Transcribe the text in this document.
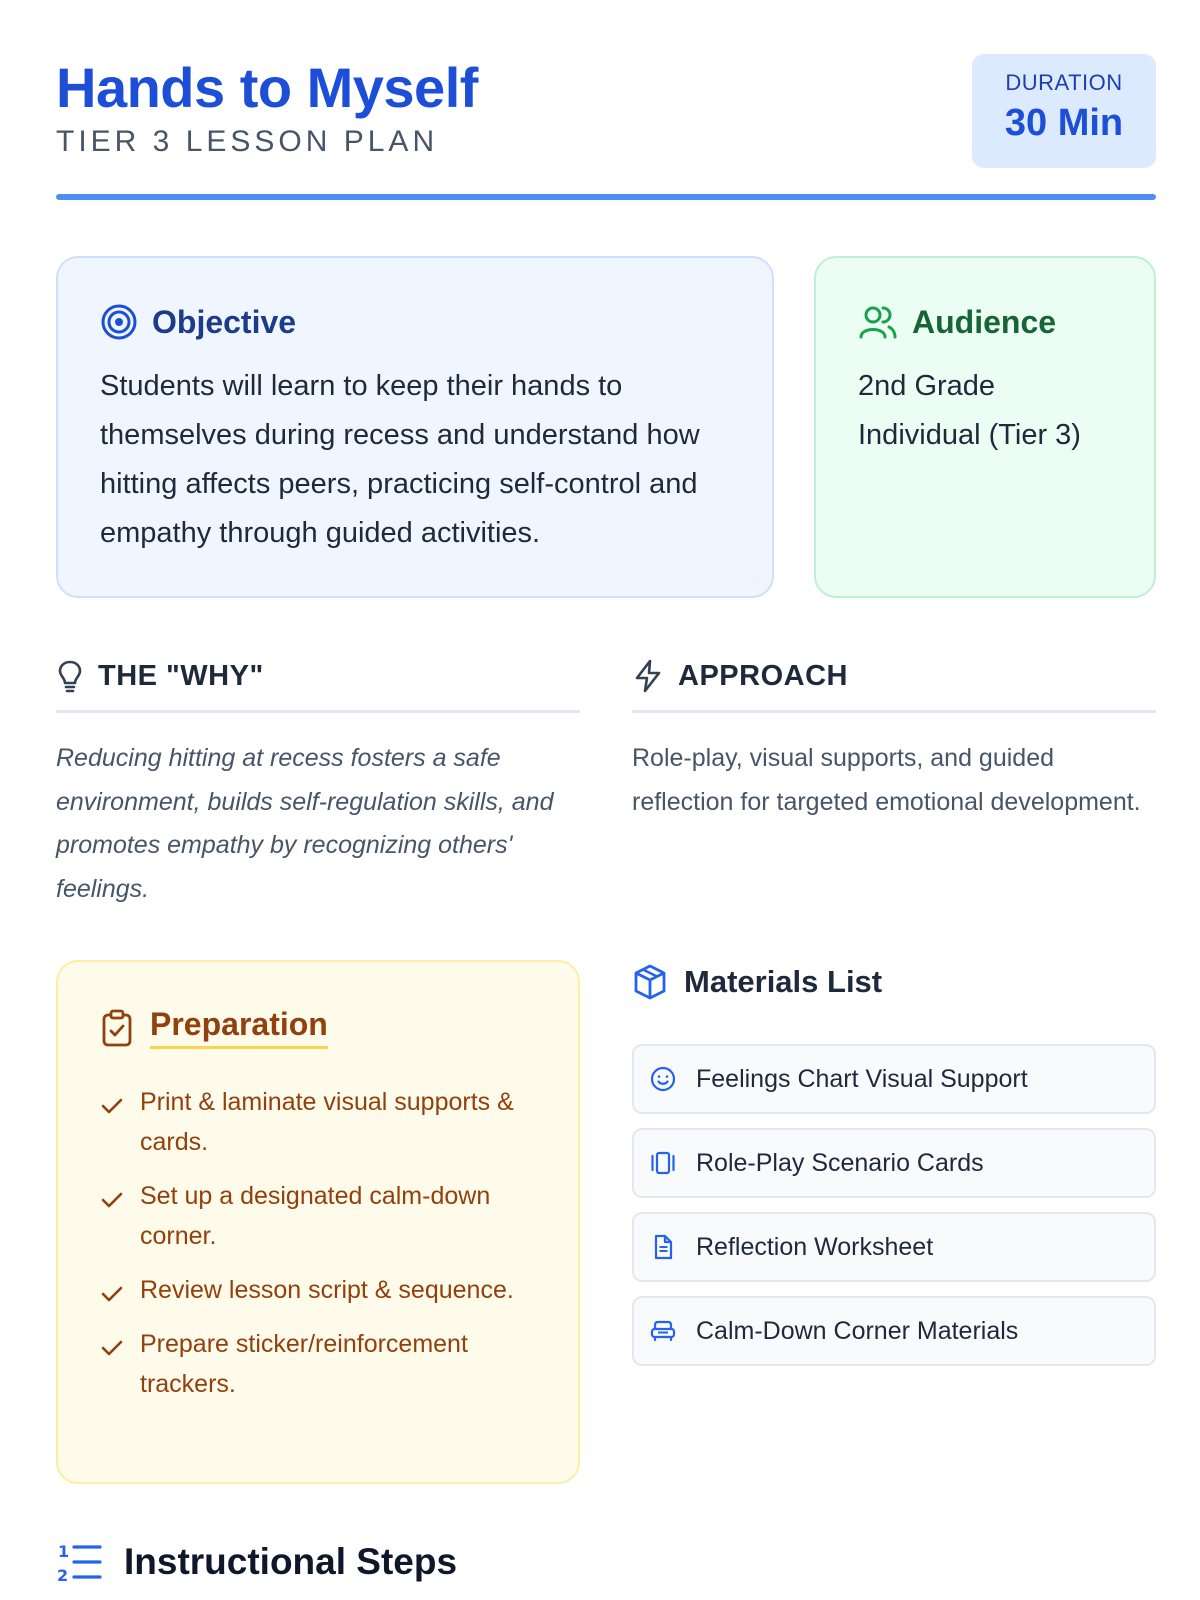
Hands to Myself
TIER 3 LESSON PLAN
DURATION
30 Min
Objective
Students will learn to keep their hands to themselves during recess and understand how hitting affects peers, practicing self-control and empathy through guided activities.
Audience
2nd Grade
Individual (Tier 3)
THE "WHY"
Reducing hitting at recess fosters a safe environment, builds self-regulation skills, and promotes empathy by recognizing others' feelings.
APPROACH
Role-play, visual supports, and guided reflection for targeted emotional development.
Preparation
Print & laminate visual supports & cards.
Set up a designated calm-down corner.
Review lesson script & sequence.
Prepare sticker/reinforcement trackers.
Materials List
Feelings Chart Visual Support
Role-Play Scenario Cards
Reflection Worksheet
Calm-Down Corner Materials
1
2 Instructional Steps
